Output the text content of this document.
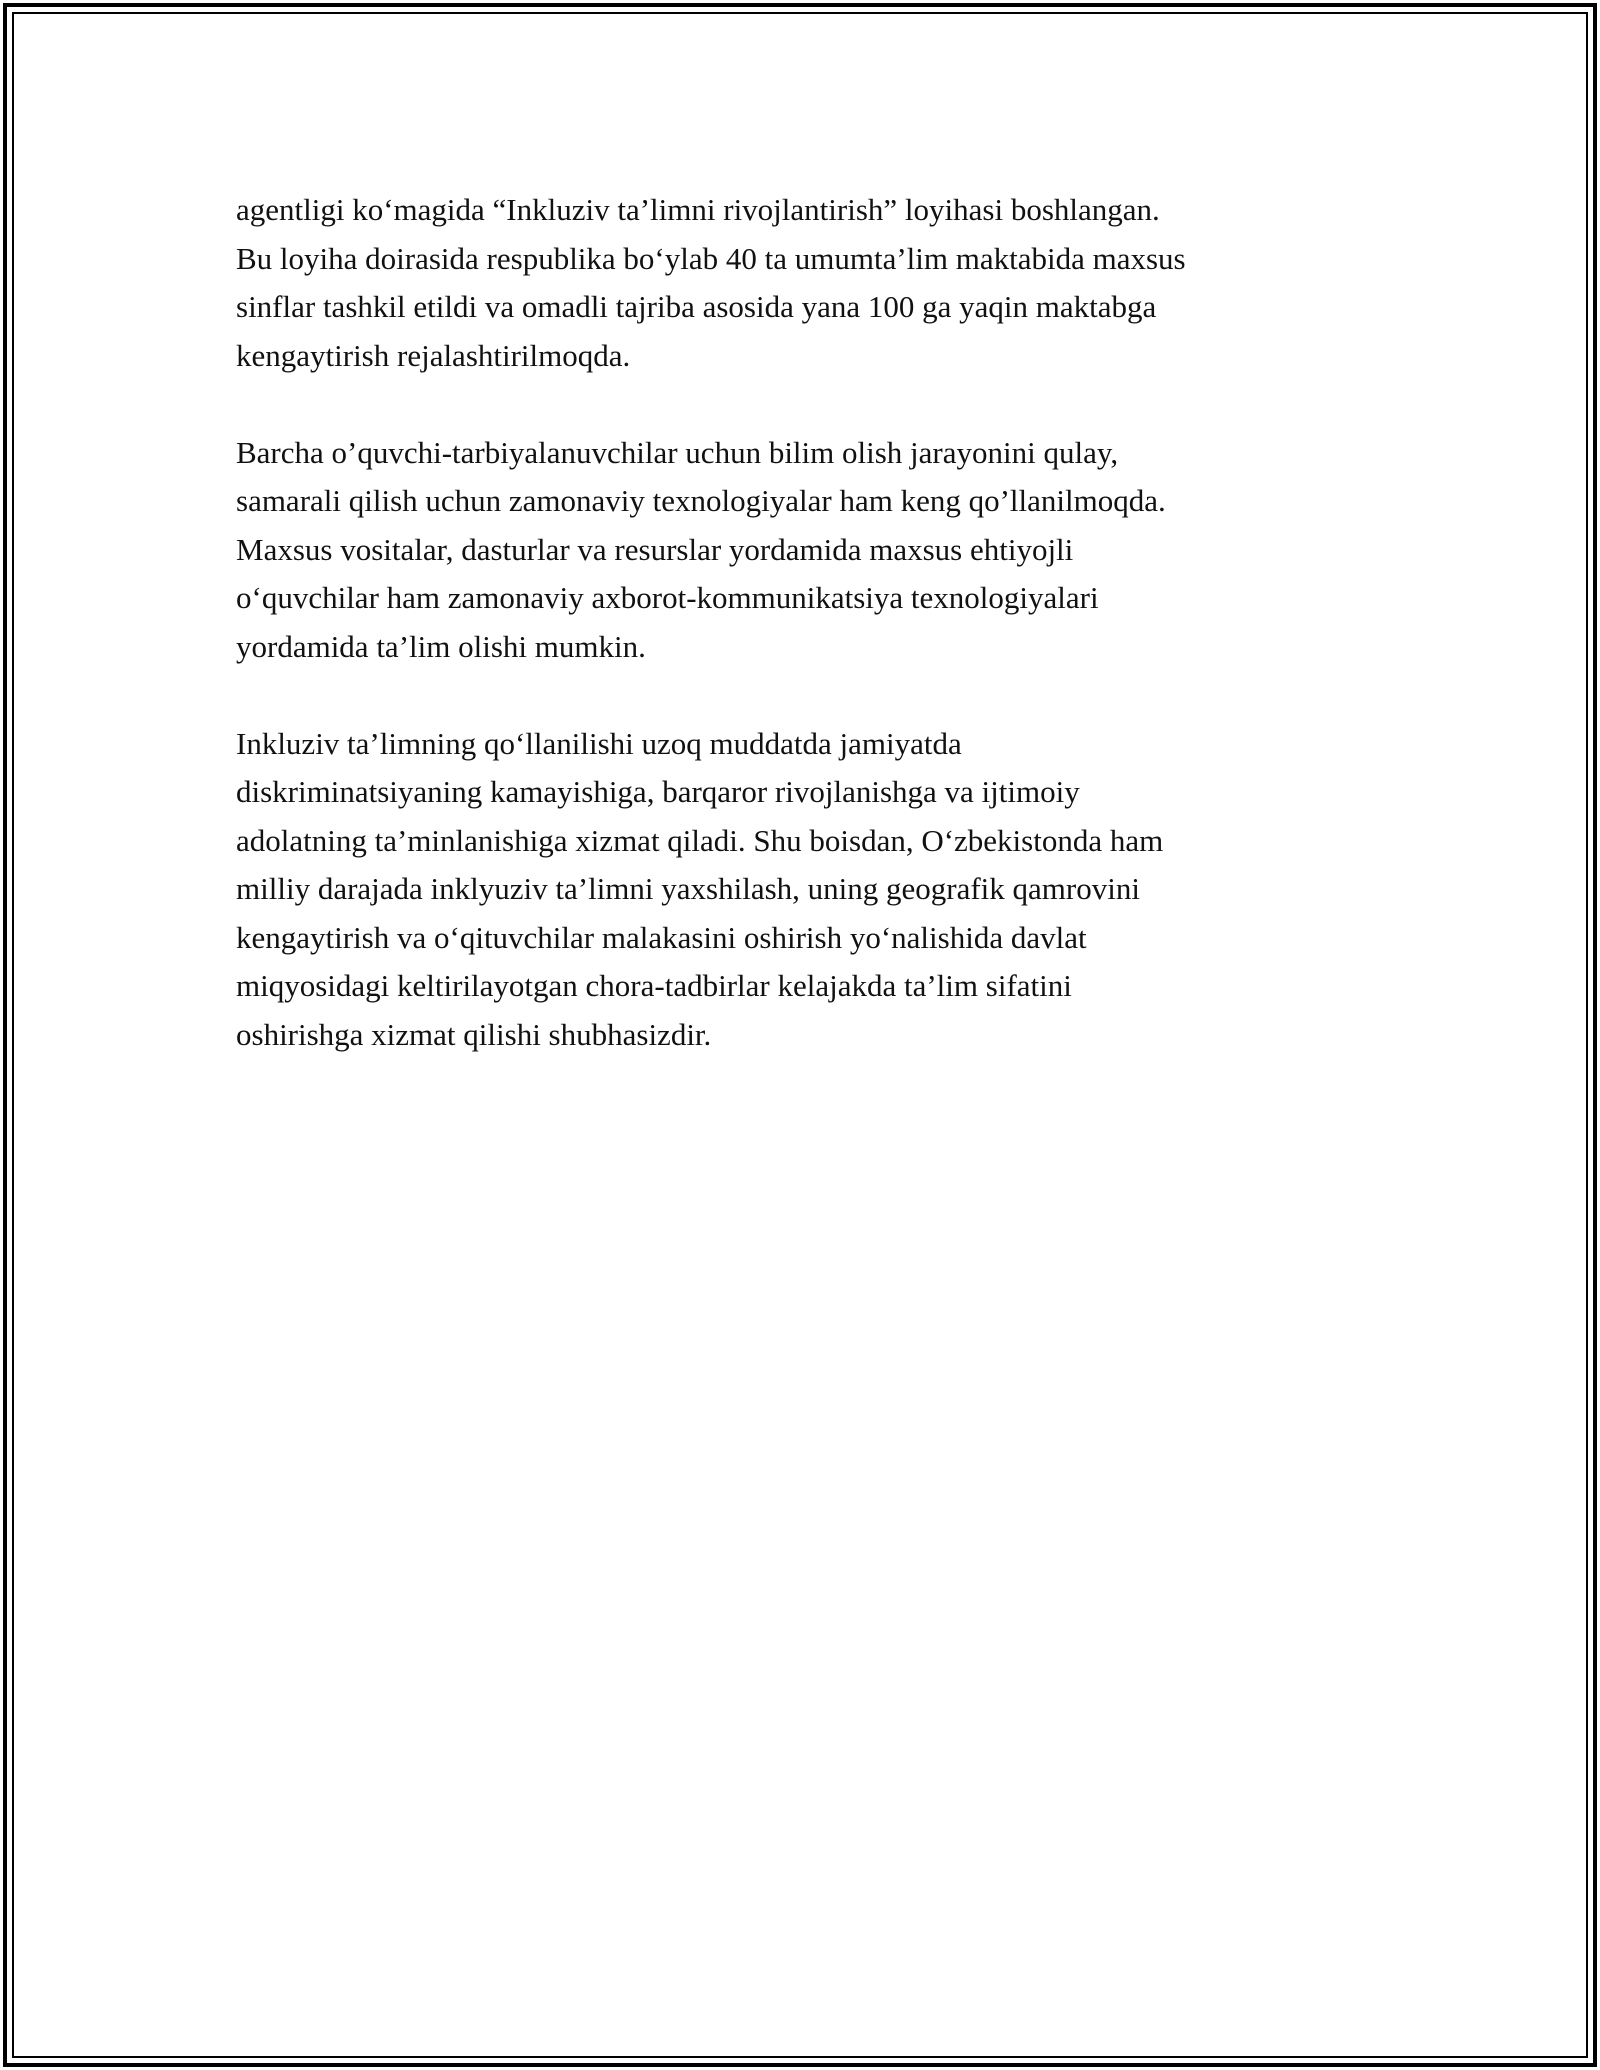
agentligi ko‘magida “Inkluziv ta’limni rivojlantirish” loyihasi boshlangan.
Bu loyiha doirasida respublika bo‘ylab 40 ta umumta’lim maktabida maxsus
sinflar tashkil etildi va omadli tajriba asosida yana 100 ga yaqin maktabga
kengaytirish rejalashtirilmoqda.

Barcha o’quvchi-tarbiyalanuvchilar uchun bilim olish jarayonini qulay,
samarali qilish uchun zamonaviy texnologiyalar ham keng qo’llanilmoqda.
Maxsus vositalar, dasturlar va resurslar yordamida maxsus ehtiyojli
o‘quvchilar ham zamonaviy axborot-kommunikatsiya texnologiyalari
yordamida ta’lim olishi mumkin.

Inkluziv ta’limning qo‘llanilishi uzoq muddatda jamiyatda
diskriminatsiyaning kamayishiga, barqaror rivojlanishga va ijtimoiy
adolatning ta’minlanishiga xizmat qiladi. Shu boisdan, O‘zbekistonda ham
milliy darajada inklyuziv ta’limni yaxshilash, uning geografik qamrovini
kengaytirish va o‘qituvchilar malakasini oshirish yo‘nalishida davlat
miqyosidagi keltirilayotgan chora-tadbirlar kelajakda ta’lim sifatini
oshirishga xizmat qilishi shubhasizdir.
